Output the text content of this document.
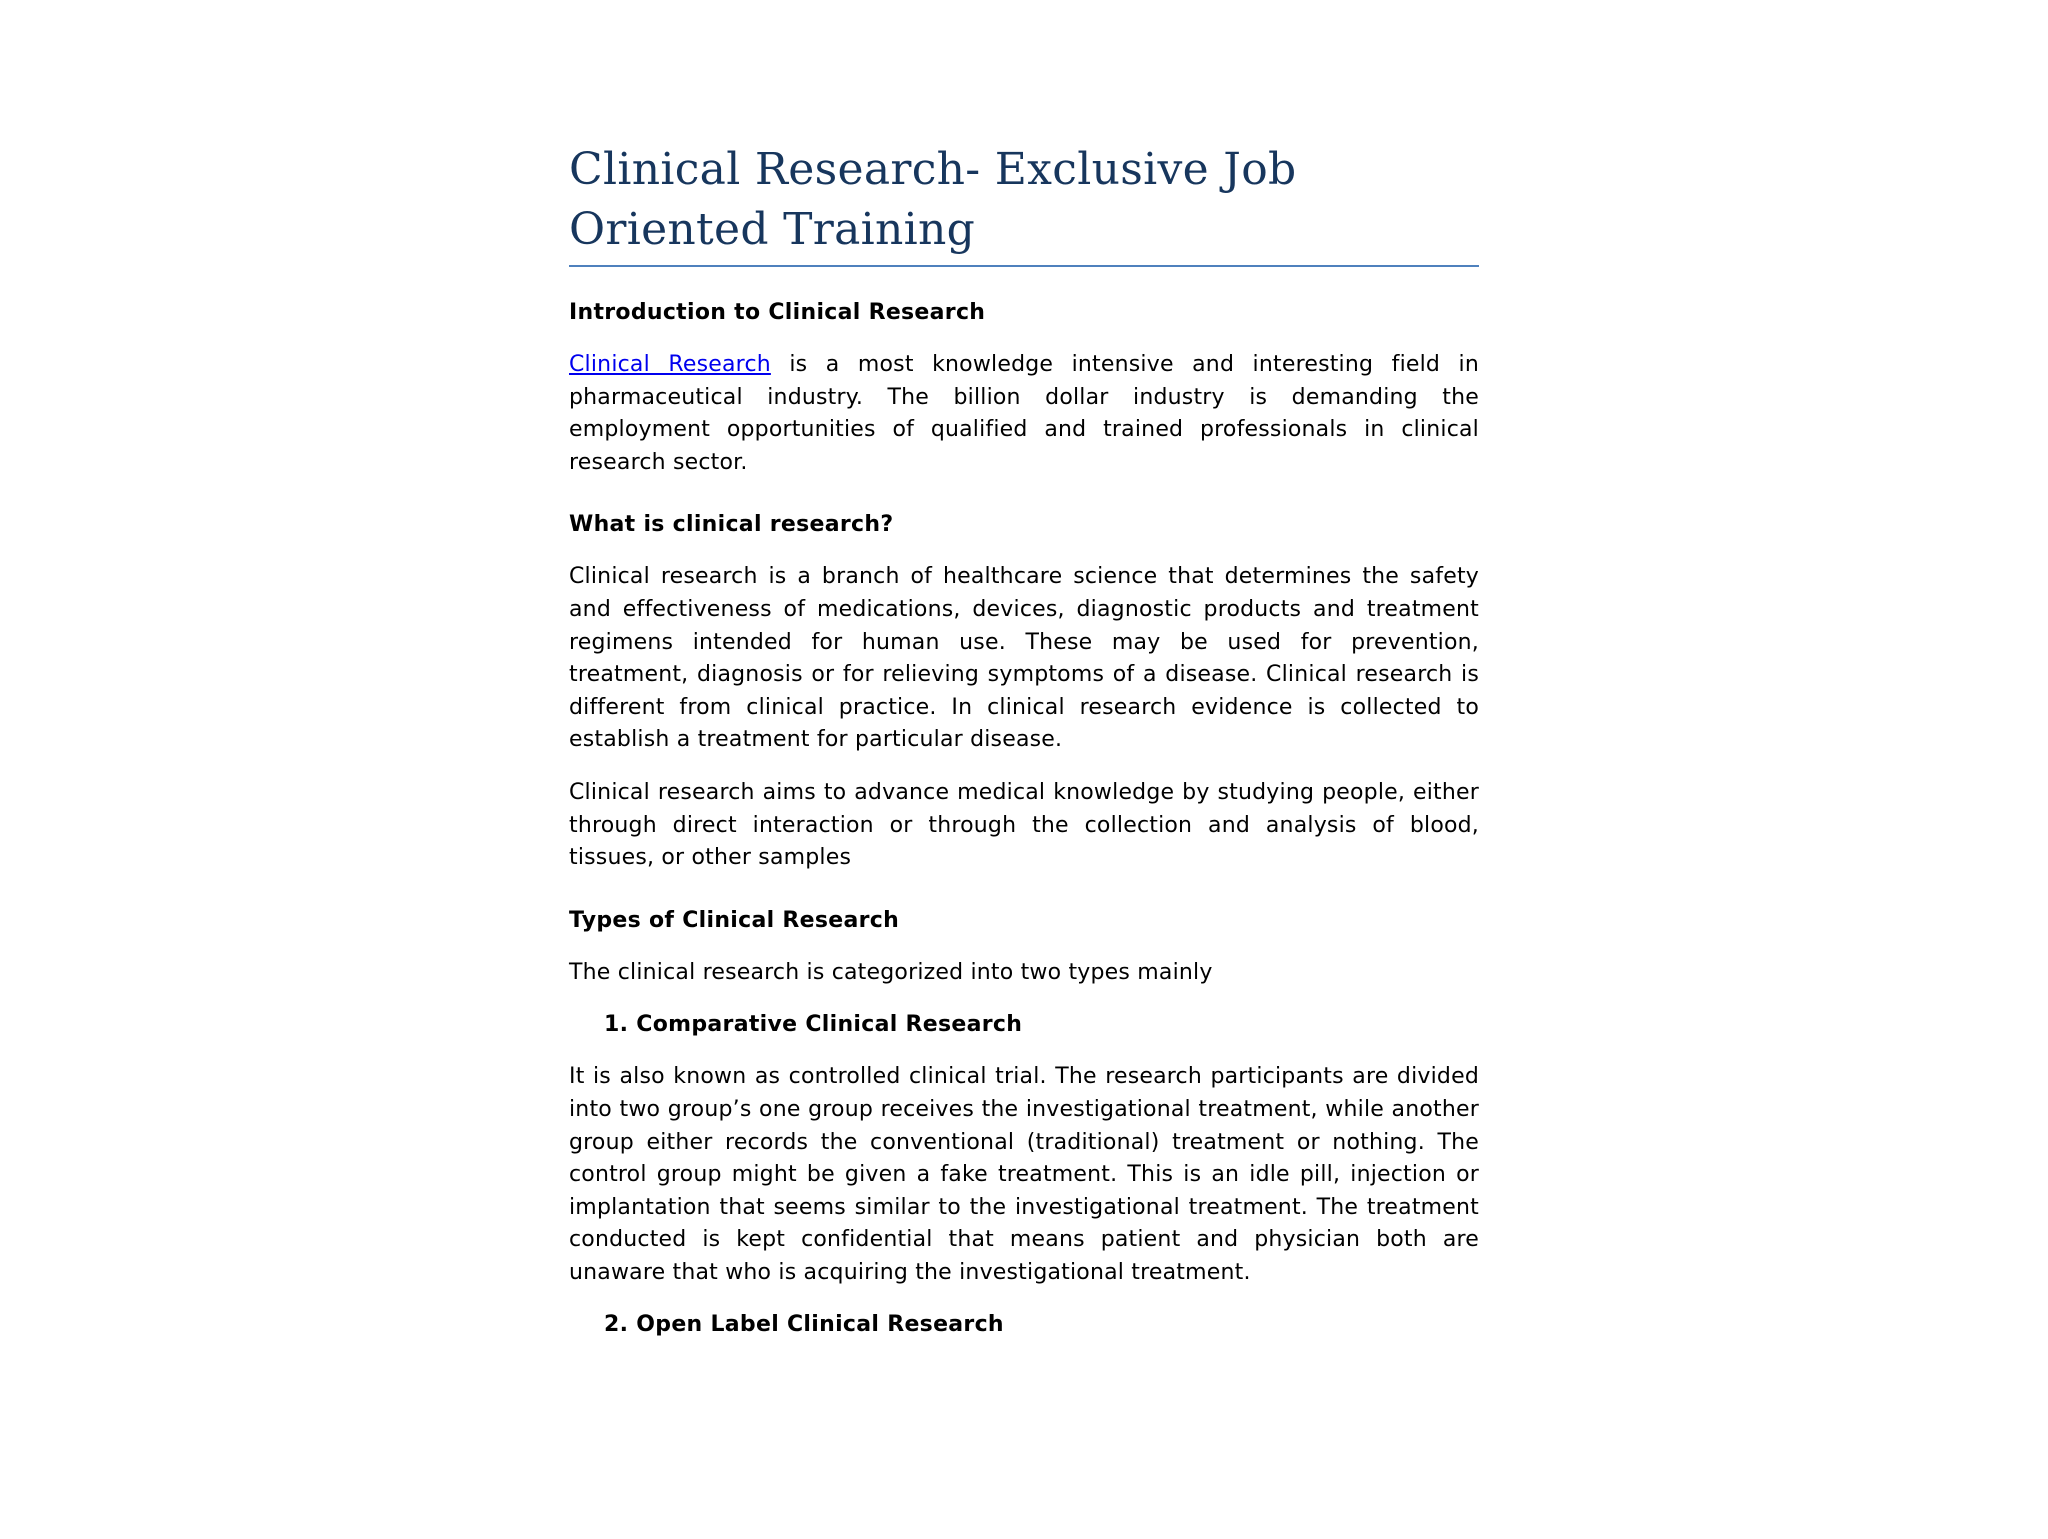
Clinical Research- Exclusive Job Oriented Training
Introduction to Clinical Research

Clinical Research is a most knowledge intensive and interesting field in pharmaceutical industry. The billion dollar industry is demanding the employment opportunities of qualified and trained professionals in clinical research sector.

What is clinical research?

Clinical research is a branch of healthcare science that determines the safety and effectiveness of medications, devices, diagnostic products and treatment regimens intended for human use. These may be used for prevention, treatment, diagnosis or for relieving symptoms of a disease. Clinical research is different from clinical practice. In clinical research evidence is collected to establish a treatment for particular disease.

Clinical research aims to advance medical knowledge by studying people, either through direct interaction or through the collection and analysis of blood, tissues, or other samples

Types of Clinical Research

The clinical research is categorized into two types mainly

1. Comparative Clinical Research

It is also known as controlled clinical trial. The research participants are divided into two group’s one group receives the investigational treatment, while another group either records the conventional (traditional) treatment or nothing. The control group might be given a fake treatment. This is an idle pill, injection or implantation that seems similar to the investigational treatment. The treatment conducted is kept confidential that means patient and physician both are unaware that who is acquiring the investigational treatment.

2. Open Label Clinical Research
